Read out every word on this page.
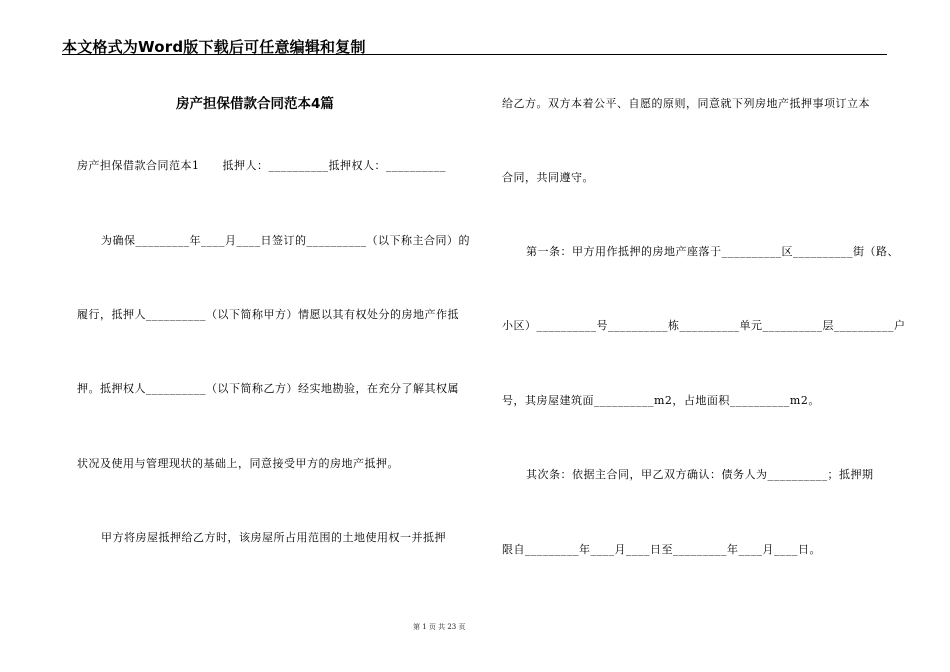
本文格式为Word版下载后可任意编辑和复制
房产担保借款合同范本4篇
房产担保借款合同范本1　　抵押人：__________抵押权人：__________
为确保_________年____月____日签订的__________（以下称主合同）的
履行，抵押人__________（以下简称甲方）情愿以其有权处分的房地产作抵
押。抵押权人__________（以下简称乙方）经实地勘验，在充分了解其权属
状况及使用与管理现状的基础上，同意接受甲方的房地产抵押。
甲方将房屋抵押给乙方时，该房屋所占用范围的土地使用权一并抵押
给乙方。双方本着公平、自愿的原则，同意就下列房地产抵押事项订立本
合同，共同遵守。
第一条：甲方用作抵押的房地产座落于__________区__________街（路、
小区）__________号__________栋__________单元__________层__________户
号，其房屋建筑面__________m2，占地面积__________m2。
其次条：依据主合同，甲乙双方确认：债务人为__________；抵押期
限自_________年____月____日至_________年____月____日。
第 1 页 共 23 页
